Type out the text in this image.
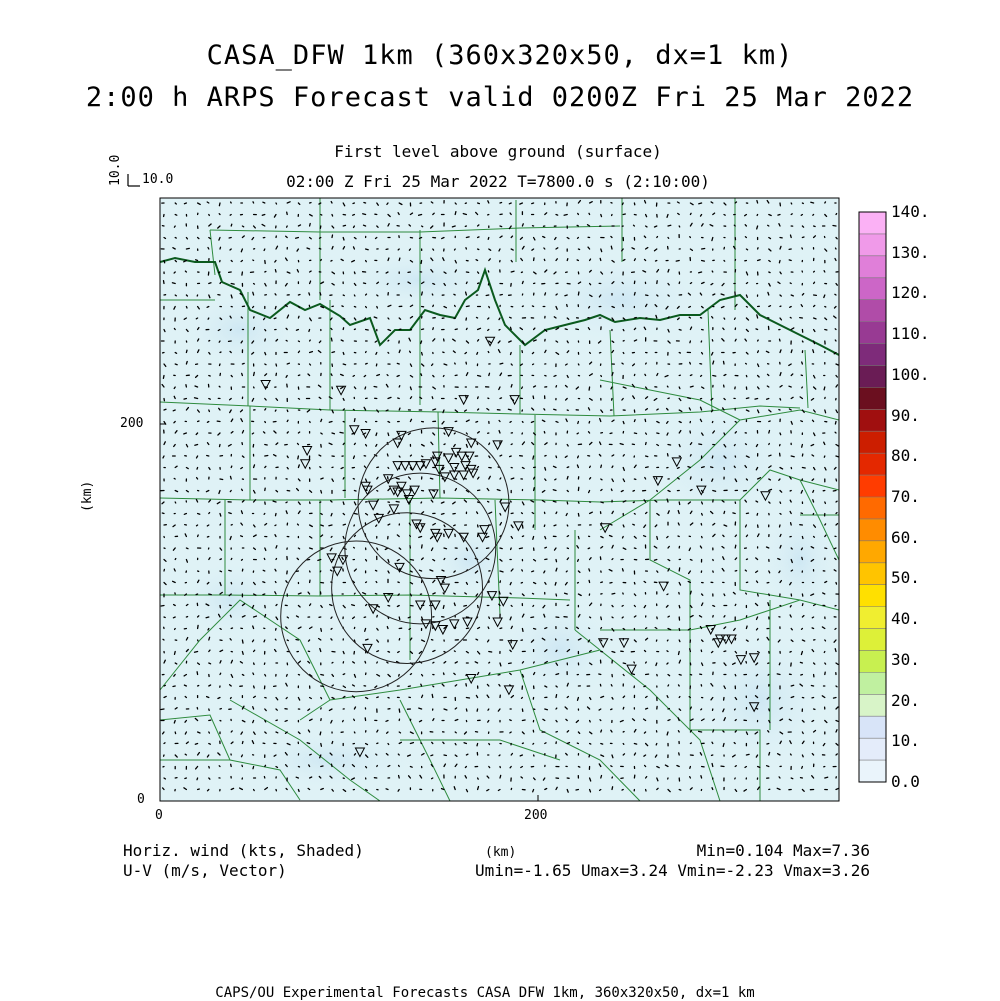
CASA_DFW 1km (360x320x50, dx=1 km)
2:00 h ARPS Forecast valid 0200Z Fri 25 Mar 2022
First level above ground (surface)
02:00 Z Fri 25 Mar 2022 T=7800.0 s (2:10:00)
10.0
10.0
(km)
0	200
0
200
140.
130.
120.
110.
100.
90.
80.
70.
60.
50.
40.
30.
20.
10.
0.0
Horiz. wind (kts, Shaded)
U-V (m/s, Vector)
(km)	Min=0.104 Max=7.36
Umin=-1.65 Umax=3.24 Vmin=-2.23 Vmax=3.26
CAPS/OU Experimental Forecasts CASA DFW 1km, 360x320x50, dx=1 km
